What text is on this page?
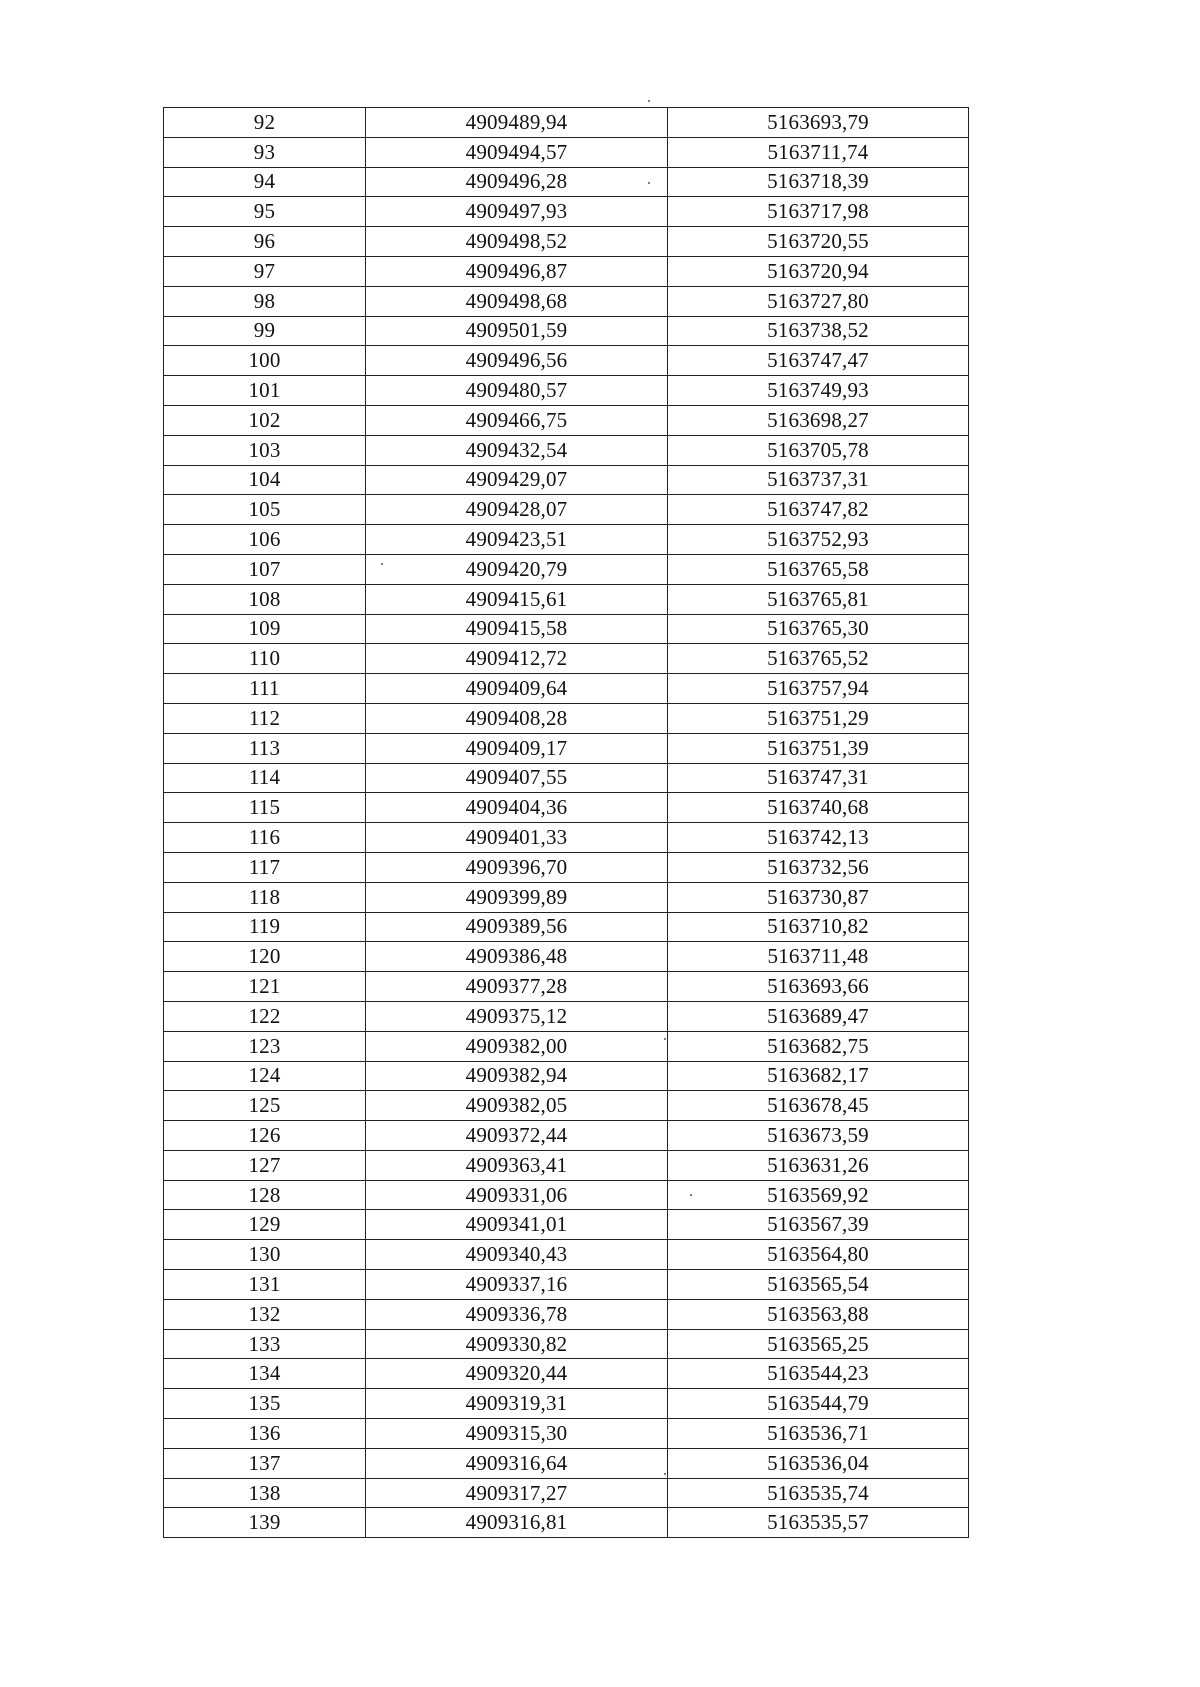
92	4909489,94	5163693,79
93	4909494,57	5163711,74
94	4909496,28	5163718,39
95	4909497,93	5163717,98
96	4909498,52	5163720,55
97	4909496,87	5163720,94
98	4909498,68	5163727,80
99	4909501,59	5163738,52
100	4909496,56	5163747,47
101	4909480,57	5163749,93
102	4909466,75	5163698,27
103	4909432,54	5163705,78
104	4909429,07	5163737,31
105	4909428,07	5163747,82
106	4909423,51	5163752,93
107	4909420,79	5163765,58
108	4909415,61	5163765,81
109	4909415,58	5163765,30
110	4909412,72	5163765,52
111	4909409,64	5163757,94
112	4909408,28	5163751,29
113	4909409,17	5163751,39
114	4909407,55	5163747,31
115	4909404,36	5163740,68
116	4909401,33	5163742,13
117	4909396,70	5163732,56
118	4909399,89	5163730,87
119	4909389,56	5163710,82
120	4909386,48	5163711,48
121	4909377,28	5163693,66
122	4909375,12	5163689,47
123	4909382,00	5163682,75
124	4909382,94	5163682,17
125	4909382,05	5163678,45
126	4909372,44	5163673,59
127	4909363,41	5163631,26
128	4909331,06	5163569,92
129	4909341,01	5163567,39
130	4909340,43	5163564,80
131	4909337,16	5163565,54
132	4909336,78	5163563,88
133	4909330,82	5163565,25
134	4909320,44	5163544,23
135	4909319,31	5163544,79
136	4909315,30	5163536,71
137	4909316,64	5163536,04
138	4909317,27	5163535,74
139	4909316,81	5163535,57
